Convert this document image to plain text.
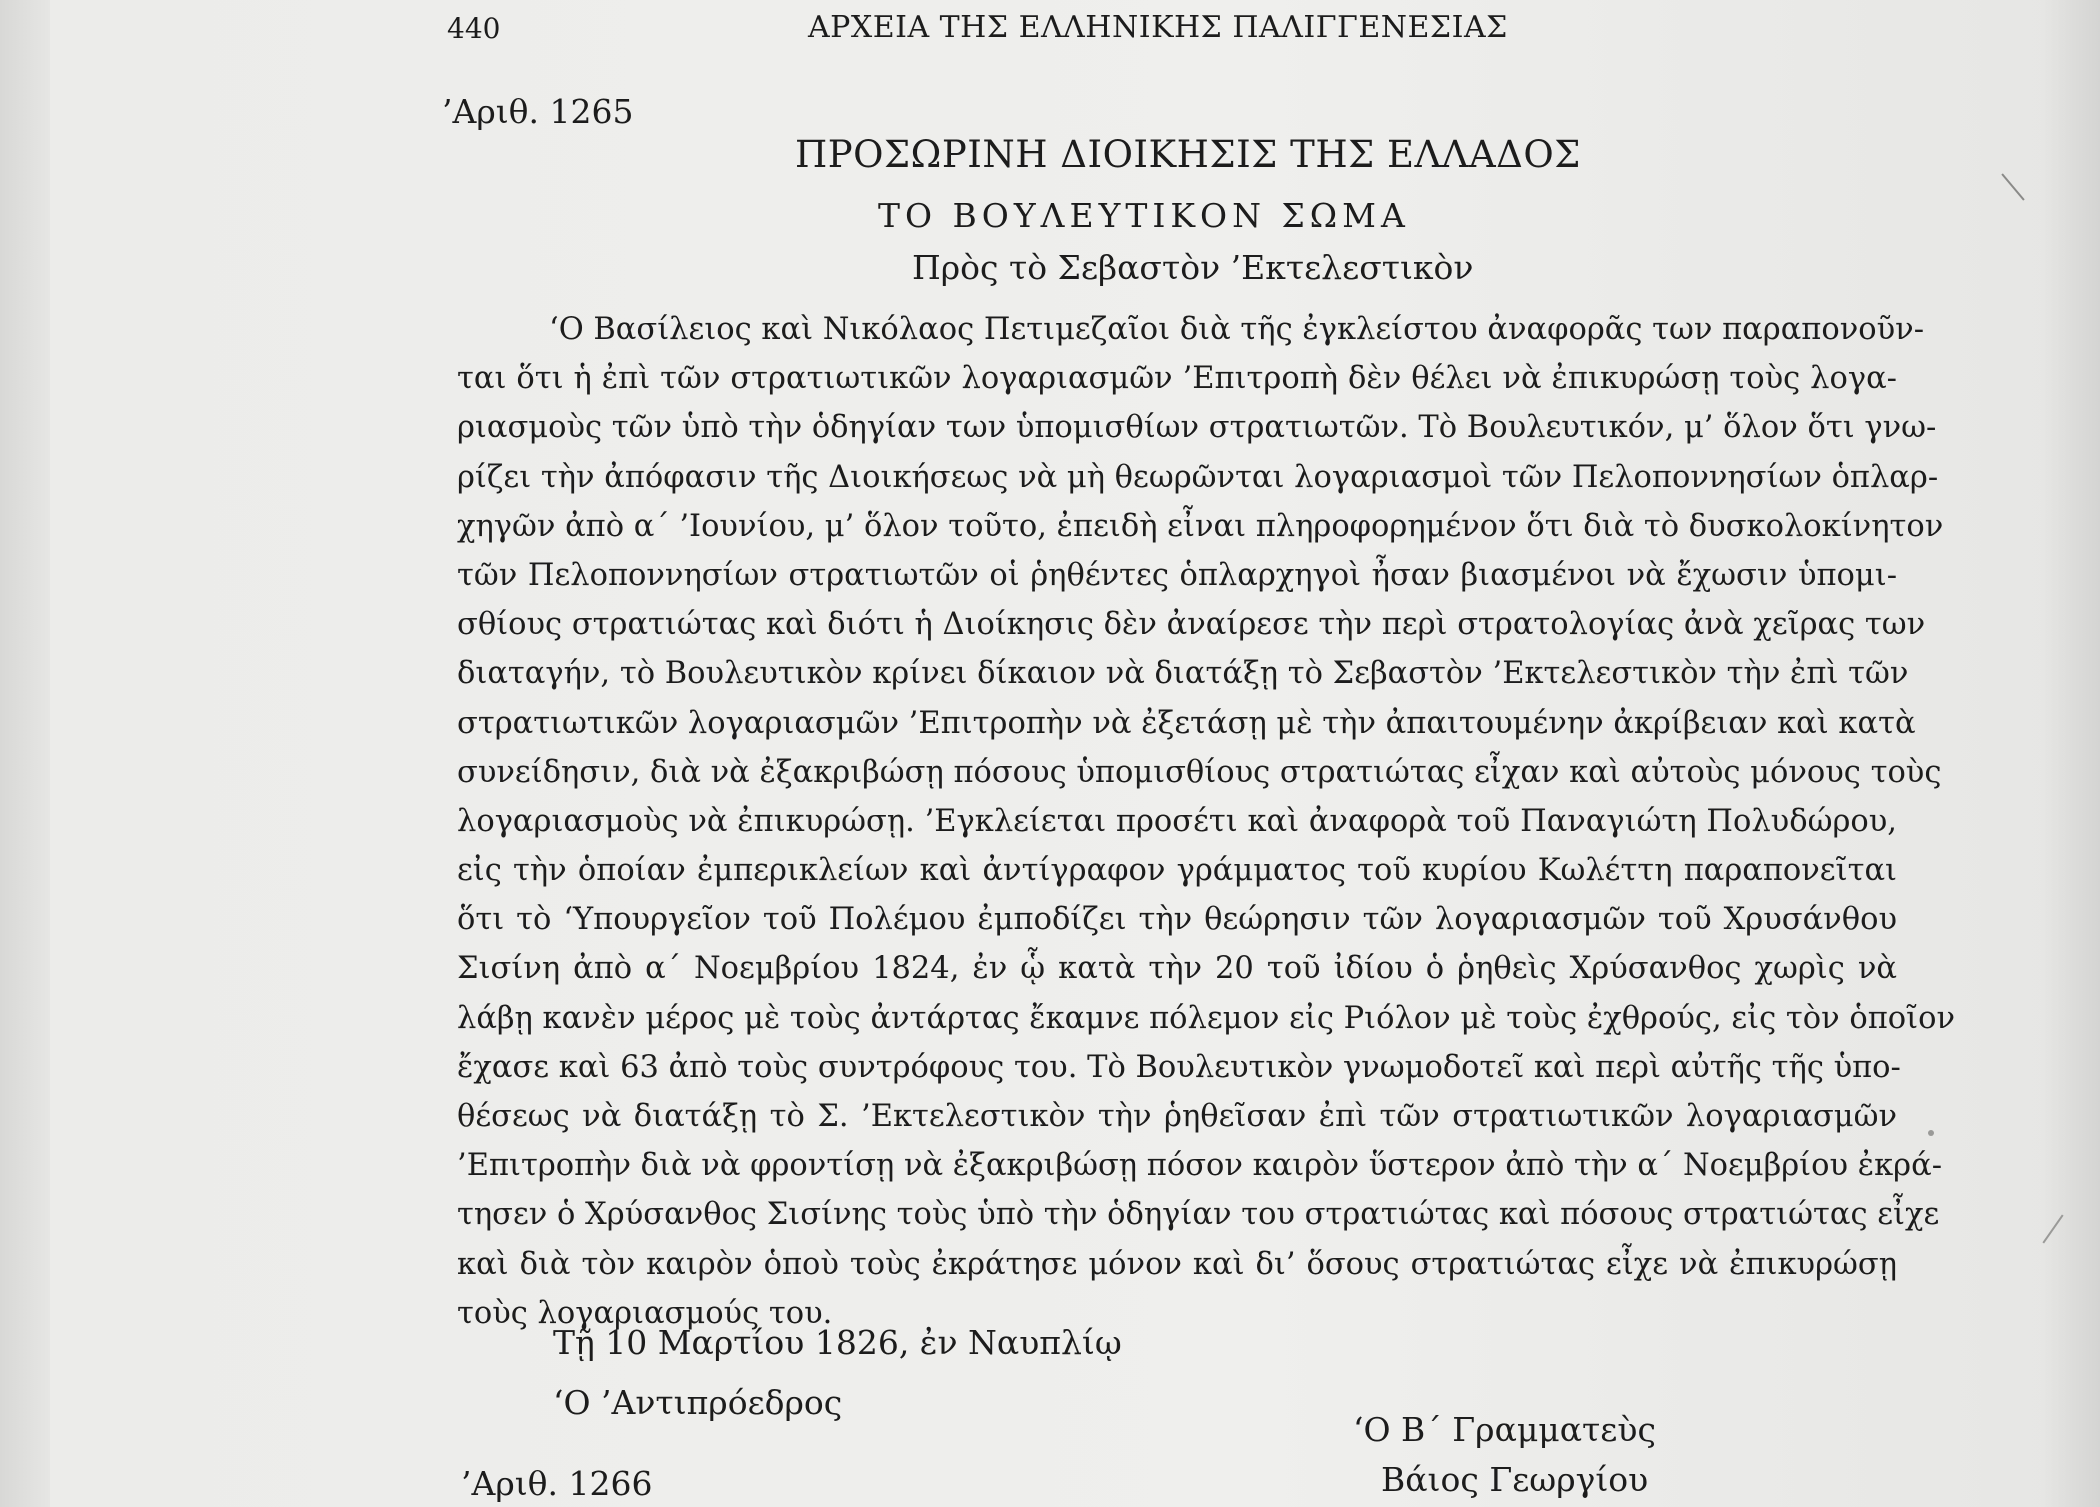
440	ΑΡΧΕΙΑ ΤΗΣ ΕΛΛΗΝΙΚΗΣ ΠΑΛΙΓΓΕΝΕΣΙΑΣ
’Αριθ. 1265
ΠΡΟΣΩΡΙΝΗ ΔΙΟΙΚΗΣΙΣ ΤΗΣ ΕΛΛΑΔΟΣ
ΤΟ ΒΟΥΛΕΥΤΙΚΟΝ ΣΩΜΑ
Πρὸς τὸ Σεβαστὸν ’Εκτελεστικὸν
‘Ο Βασίλειος καὶ Νικόλαος Πετιμεζαῖοι διὰ τῆς ἐγκλείστου ἀναφορᾶς των παραπονοῦν-
ται ὅτι ἡ ἐπὶ τῶν στρατιωτικῶν λογαριασμῶν ’Επιτροπὴ δὲν θέλει νὰ ἐπικυρώσῃ τοὺς λογα-
ριασμοὺς τῶν ὑπὸ τὴν ὁδηγίαν των ὑπομισθίων στρατιωτῶν. Τὸ Βουλευτικόν, μ’ ὅλον ὅτι γνω-
ρίζει τὴν ἀπόφασιν τῆς Διοικήσεως νὰ μὴ θεωρῶνται λογαριασμοὶ τῶν Πελοποννησίων ὁπλαρ-
χηγῶν ἀπὸ α΄ ’Ιουνίου, μ’ ὅλον τοῦτο, ἐπειδὴ εἶναι πληροφορημένον ὅτι διὰ τὸ δυσκολοκίνητον
τῶν Πελοποννησίων στρατιωτῶν οἱ ῥηθέντες ὁπλαρχηγοὶ ἦσαν βιασμένοι νὰ ἔχωσιν ὑπομι-
σθίους στρατιώτας καὶ διότι ἡ Διοίκησις δὲν ἀναίρεσε τὴν περὶ στρατολογίας ἀνὰ χεῖρας των
διαταγήν, τὸ Βουλευτικὸν κρίνει δίκαιον νὰ διατάξῃ τὸ Σεβαστὸν ’Εκτελεστικὸν τὴν ἐπὶ τῶν
στρατιωτικῶν λογαριασμῶν ’Επιτροπὴν νὰ ἐξετάσῃ μὲ τὴν ἀπαιτουμένην ἀκρίβειαν καὶ κατὰ
συνείδησιν, διὰ νὰ ἐξακριβώσῃ πόσους ὑπομισθίους στρατιώτας εἶχαν καὶ αὐτοὺς μόνους τοὺς
λογαριασμοὺς νὰ ἐπικυρώσῃ. ’Εγκλείεται προσέτι καὶ ἀναφορὰ τοῦ Παναγιώτη Πολυδώρου,
εἰς τὴν ὁποίαν ἐμπερικλείων καὶ ἀντίγραφον γράμματος τοῦ κυρίου Κωλέττη παραπονεῖται
ὅτι τὸ ‘Υπουργεῖον τοῦ Πολέμου ἐμποδίζει τὴν θεώρησιν τῶν λογαριασμῶν τοῦ Χρυσάνθου
Σισίνη ἀπὸ α΄ Νοεμβρίου 1824, ἐν ᾧ κατὰ τὴν 20 τοῦ ἰδίου ὁ ῥηθεὶς Χρύσανθος χωρὶς νὰ
λάβῃ κανὲν μέρος μὲ τοὺς ἀντάρτας ἔκαμνε πόλεμον εἰς Ριόλον μὲ τοὺς ἐχθρούς, εἰς τὸν ὁποῖον
ἔχασε καὶ 63 ἀπὸ τοὺς συντρόφους του. Τὸ Βουλευτικὸν γνωμοδοτεῖ καὶ περὶ αὐτῆς τῆς ὑπο-
θέσεως νὰ διατάξῃ τὸ Σ. ’Εκτελεστικὸν τὴν ῥηθεῖσαν ἐπὶ τῶν στρατιωτικῶν λογαριασμῶν
’Επιτροπὴν διὰ νὰ φροντίσῃ νὰ ἐξακριβώσῃ πόσον καιρὸν ὕστερον ἀπὸ τὴν α΄ Νοεμβρίου ἐκρά-
τησεν ὁ Χρύσανθος Σισίνης τοὺς ὑπὸ τὴν ὁδηγίαν του στρατιώτας καὶ πόσους στρατιώτας εἶχε
καὶ διὰ τὸν καιρὸν ὁποὺ τοὺς ἐκράτησε μόνον καὶ δι’ ὅσους στρατιώτας εἶχε νὰ ἐπικυρώσῃ
τοὺς λογαριασμούς του.
Τῇ 10 Μαρτίου 1826, ἐν Ναυπλίῳ
‘Ο ’Αντιπρόεδρος
‘Ο Β΄ Γραμματεὺς
Βάιος Γεωργίου
’Αριθ. 1266
